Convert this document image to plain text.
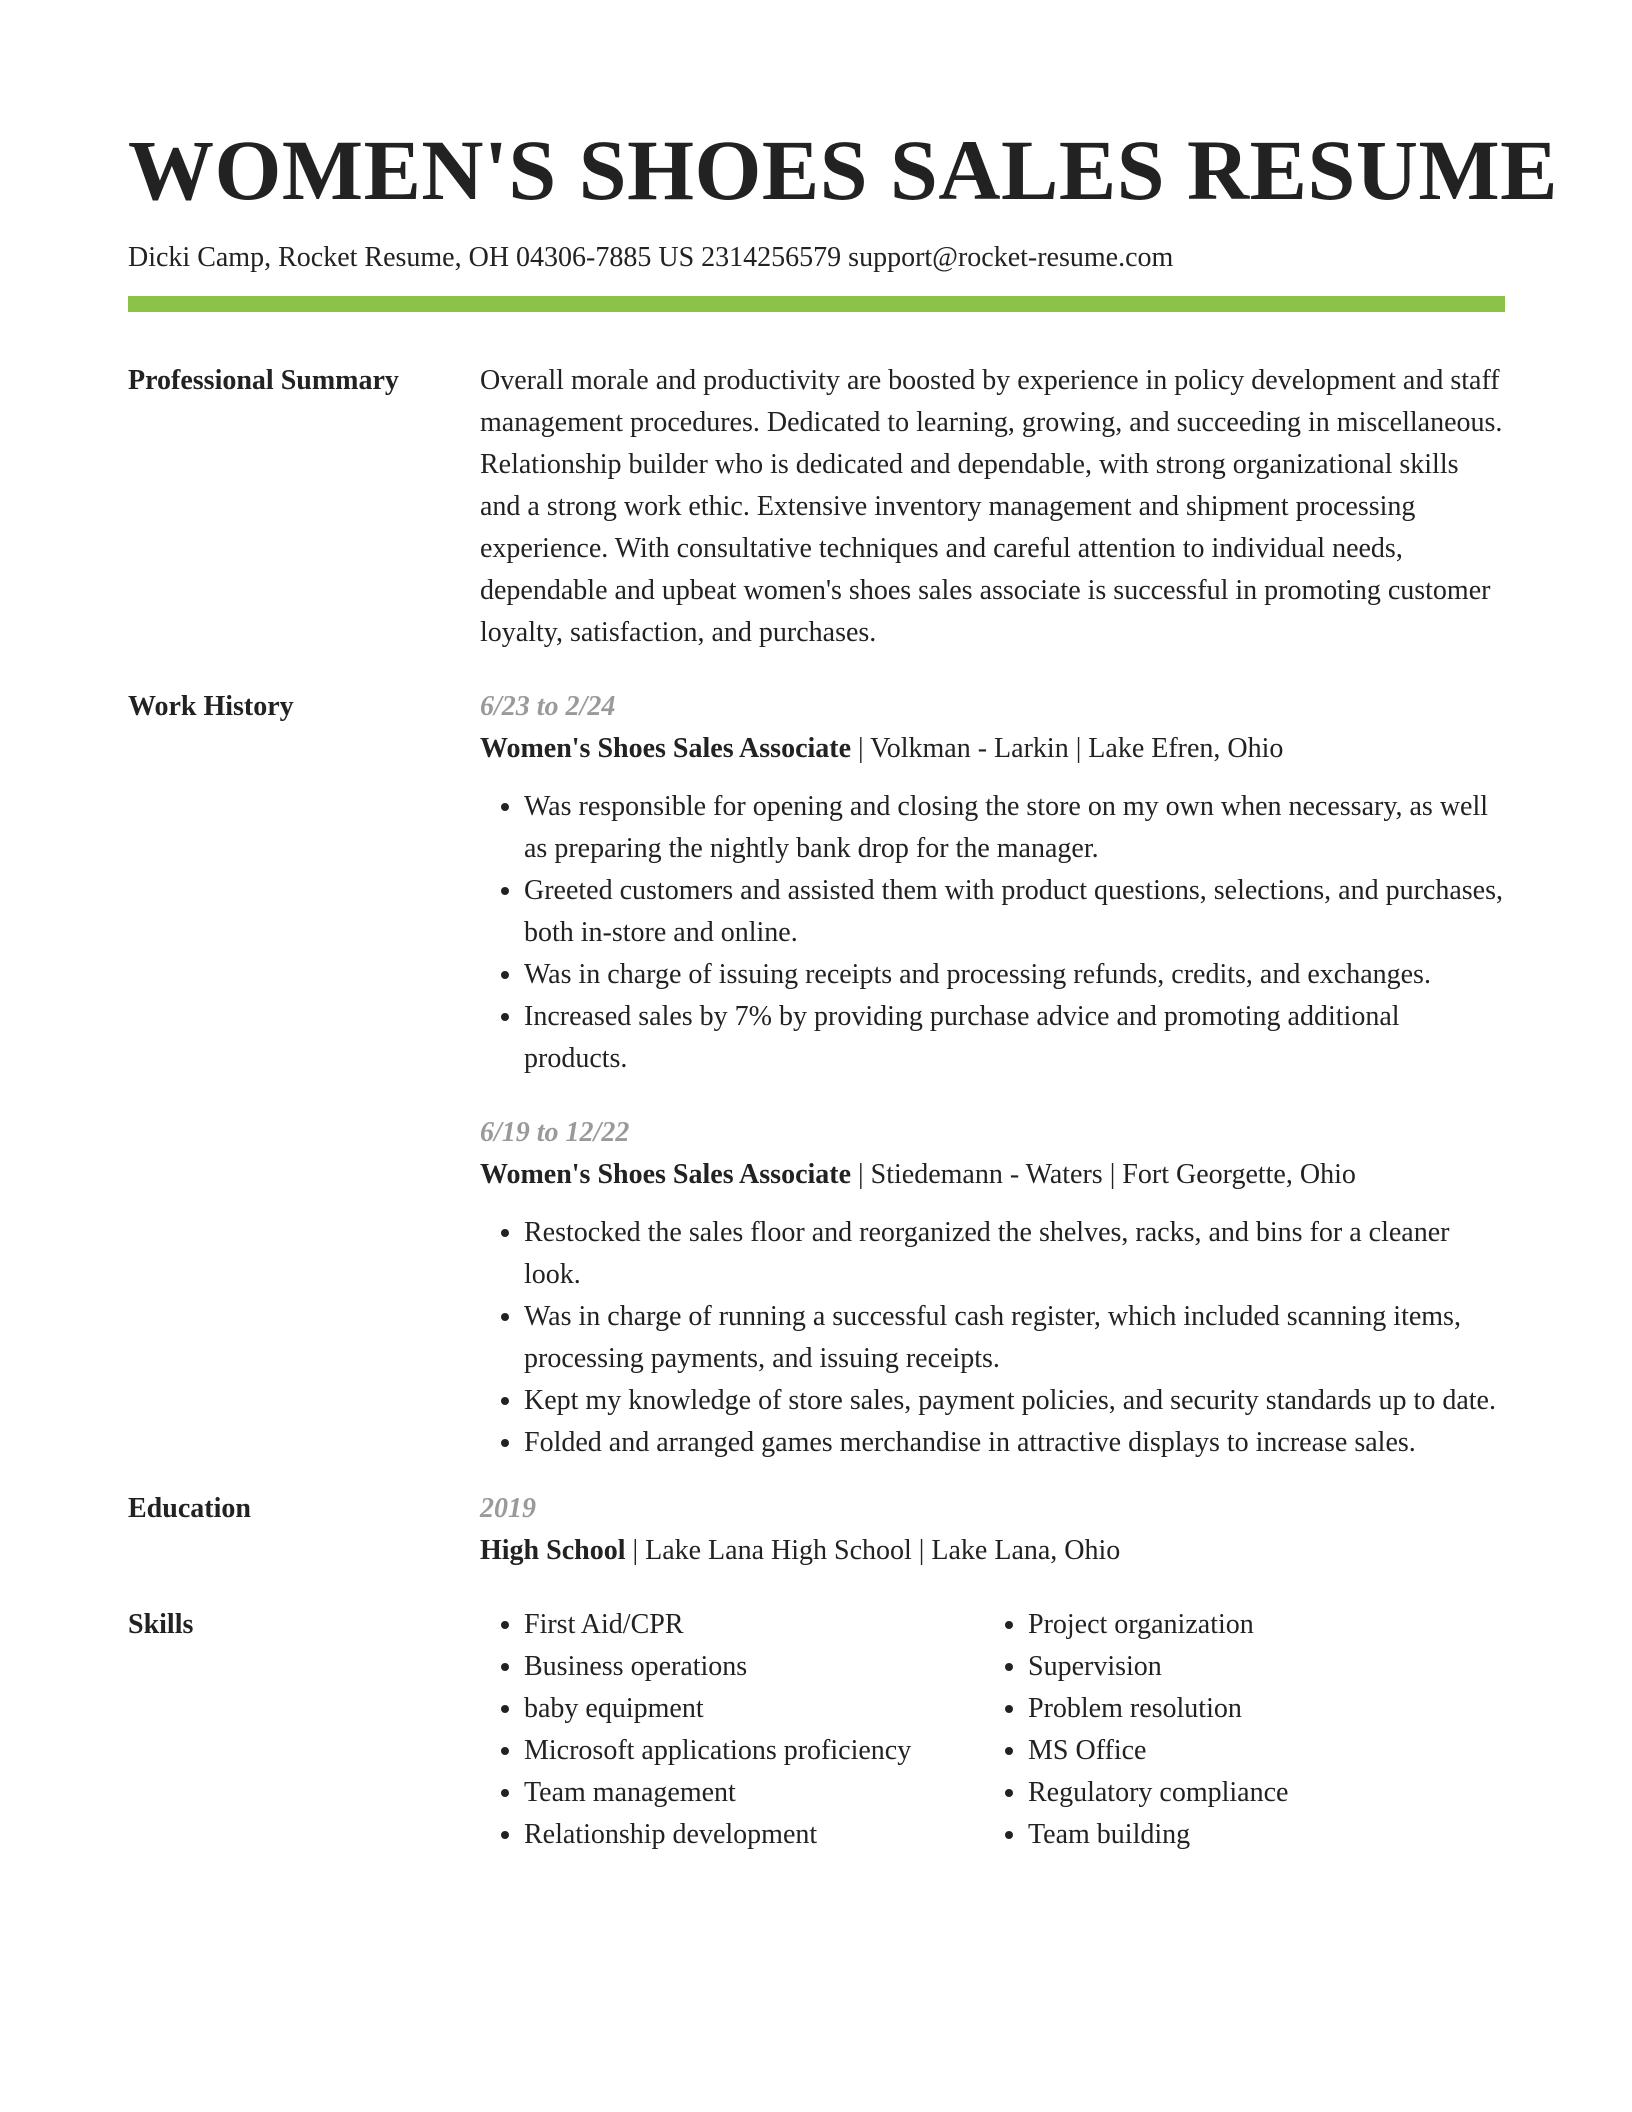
WOMEN'S SHOES SALES RESUME
Dicki Camp, Rocket Resume, OH 04306-7885 US 2314256579 support@rocket-resume.com
Professional Summary	Overall morale and productivity are boosted by experience in policy development and staff management procedures. Dedicated to learning, growing, and succeeding in miscellaneous. Relationship builder who is dedicated and dependable, with strong organizational skills and a strong work ethic. Extensive inventory management and shipment processing experience. With consultative techniques and careful attention to individual needs, dependable and upbeat women's shoes sales associate is successful in promoting customer loyalty, satisfaction, and purchases.
Work History	6/23 to 2/24
Women's Shoes Sales Associate | Volkman - Larkin | Lake Efren, Ohio
• Was responsible for opening and closing the store on my own when necessary, as well as preparing the nightly bank drop for the manager.
• Greeted customers and assisted them with product questions, selections, and purchases, both in-store and online.
• Was in charge of issuing receipts and processing refunds, credits, and exchanges.
• Increased sales by 7% by providing purchase advice and promoting additional products.
6/19 to 12/22
Women's Shoes Sales Associate | Stiedemann - Waters | Fort Georgette, Ohio
• Restocked the sales floor and reorganized the shelves, racks, and bins for a cleaner look.
• Was in charge of running a successful cash register, which included scanning items, processing payments, and issuing receipts.
• Kept my knowledge of store sales, payment policies, and security standards up to date.
• Folded and arranged games merchandise in attractive displays to increase sales.
Education	2019
High School | Lake Lana High School | Lake Lana, Ohio
Skills
•	First Aid/CPR
• Business operations
• baby equipment
• Microsoft applications proficiency
• Team management
• Relationship development
• Project organization
• Supervision
• Problem resolution
• MS Office
• Regulatory compliance
• Team building
